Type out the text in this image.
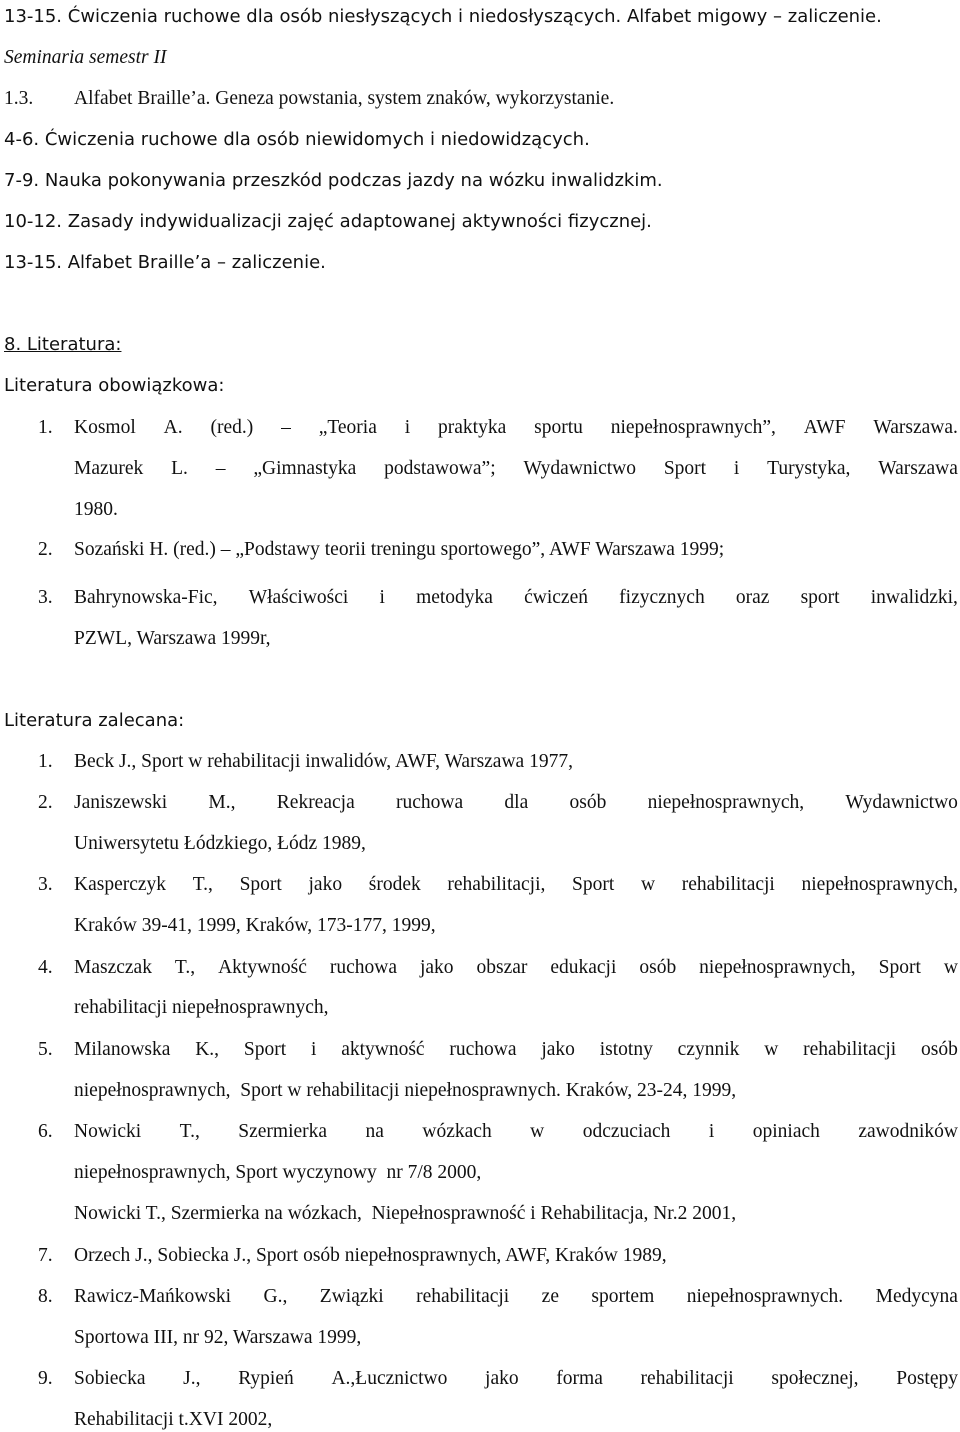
13-15. Ćwiczenia ruchowe dla osób niesłyszących i niedosłyszących. Alfabet migowy – zaliczenie.
Seminaria semestr II
1.3. Alfabet Braille’a. Geneza powstania, system znaków, wykorzystanie.
4-6. Ćwiczenia ruchowe dla osób niewidomych i niedowidzących.
7-9. Nauka pokonywania przeszkód podczas jazdy na wózku inwalidzkim.
10-12. Zasady indywidualizacji zajęć adaptowanej aktywności fizycznej.
13-15. Alfabet Braille’a – zaliczenie.
8. Literatura:
Literatura obowiązkowa:
1. Kosmol A. (red.) – „Teoria i praktyka sportu niepełnosprawnych”, AWF Warszawa.
Mazurek L. – „Gimnastyka podstawowa”; Wydawnictwo Sport i Turystyka, Warszawa
1980.
2. Sozański H. (red.) – „Podstawy teorii treningu sportowego”, AWF Warszawa 1999;
3. Bahrynowska-Fic, Właściwości i metodyka ćwiczeń fizycznych oraz sport inwalidzki,
PZWL, Warszawa 1999r,
Literatura zalecana:
1. Beck J., Sport w rehabilitacji inwalidów, AWF, Warszawa 1977,
2. Janiszewski M., Rekreacja ruchowa dla osób niepełnosprawnych, Wydawnictwo
Uniwersytetu Łódzkiego, Łódz 1989,
3. Kasperczyk T., Sport jako środek rehabilitacji, Sport w rehabilitacji niepełnosprawnych,
Kraków 39-41, 1999, Kraków, 173-177, 1999,
4. Maszczak T., Aktywność ruchowa jako obszar edukacji osób niepełnosprawnych, Sport w
rehabilitacji niepełnosprawnych,
5. Milanowska K., Sport i aktywność ruchowa jako istotny czynnik w rehabilitacji osób
niepełnosprawnych,  Sport w rehabilitacji niepełnosprawnych. Kraków, 23-24, 1999,
6. Nowicki T., Szermierka na wózkach w odczuciach i opiniach zawodników
niepełnosprawnych, Sport wyczynowy  nr 7/8 2000,
Nowicki T., Szermierka na wózkach,  Niepełnosprawność i Rehabilitacja, Nr.2 2001,
7. Orzech J., Sobiecka J., Sport osób niepełnosprawnych, AWF, Kraków 1989,
8. Rawicz-Mańkowski G., Związki rehabilitacji ze sportem niepełnosprawnych. Medycyna
Sportowa III, nr 92, Warszawa 1999,
9. Sobiecka J., Rypień A.,Łucznictwo jako forma rehabilitacji społecznej, Postępy
Rehabilitacji t.XVI 2002,
